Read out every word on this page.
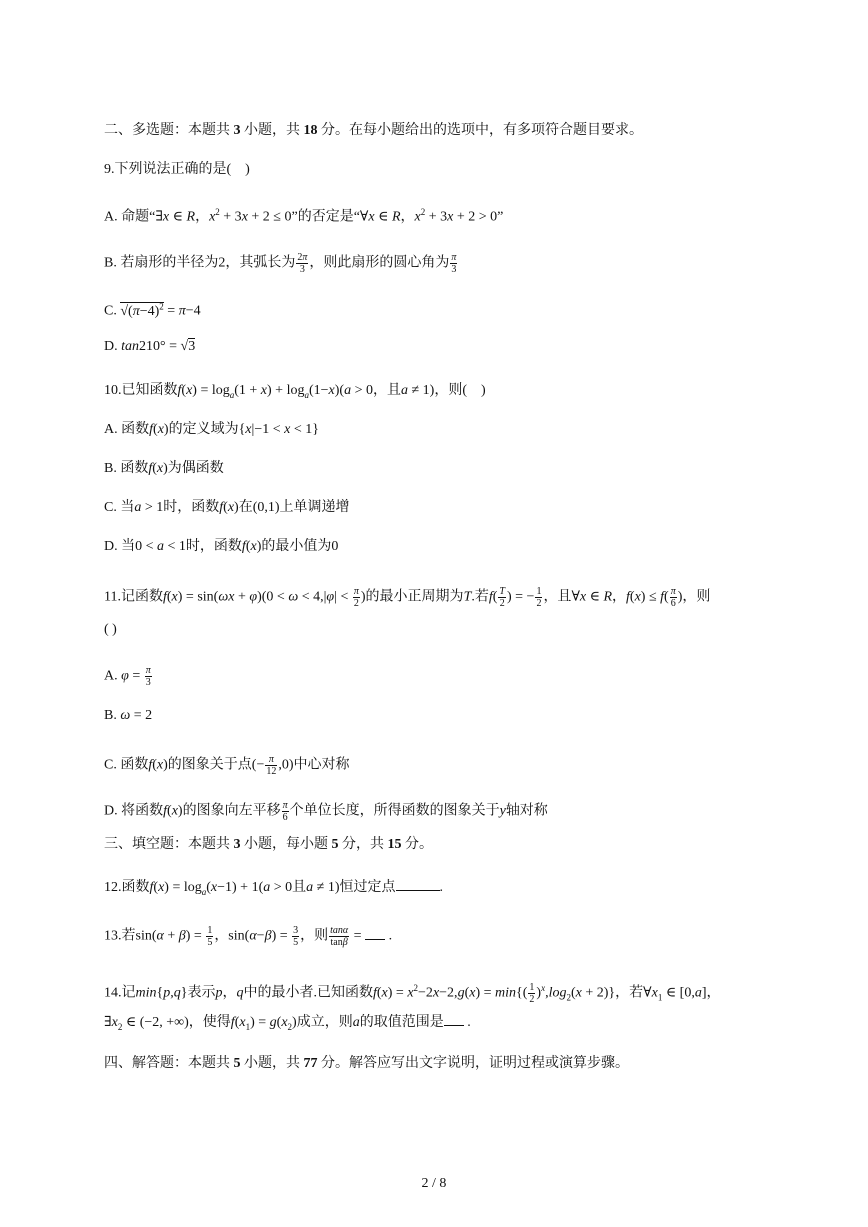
二、多选题：本题共 3 小题，共 18 分。在每小题给出的选项中，有多项符合题目要求。
9.下列说法正确的是(    )
A. 命题“∃x ∈ R，$x^2 + 3x + 2 \le 0$”的否定是“∀x ∈ R，$x^2 + 3x + 2 > 0$”
B. 若扇形的半径为2，其弧长为 $\frac{2\pi}{3}$ ，则此扇形的圆心角为 $\frac{\pi}{3}$
C. $√(\pi-4)^2 = \pi-4$
D. tan210° = √3
10.已知函数$f(x) = \log_a(1 + x) + \log_a(1-x)(a > 0$，且a ≠ 1)，则(    )
A. 函数f(x)的定义域为{x|−1 < x < 1}
B. 函数f(x)为偶函数
C. 当a > 1时，函数f(x)在(0,1)上单调递增
D. 当0 < a < 1时，函数f(x)的最小值为0
11.记函数$f(x) = \sin(\omega x + \varphi)(0 < \omega < 4,|\varphi| < \frac{\pi}{2}$ )的最小正周期为T.若$f( \frac{T}{2}$ ) = − $\frac{1}{2}$ ，且∀x ∈ R，$f(x) \le f( \frac{\pi}{6}$ )，则
( )
A. $\varphi = \frac{\pi}{3}$
B. ω = 2
C. 函数f(x)的图象关于点(− $\frac{\pi}{12} ,0$)中心对称
D. 将函数f(x)的图象向左平移 $\frac{\pi}{6}$ 个单位长度，所得函数的图象关于y轴对称
三、填空题：本题共 3 小题，每小题 5 分，共 15 分。
12.函数$f(x) = \log_a(x-1) + 1(a > 0$且a ≠ 1)恒过定点	.
13.若$\sin(\alpha + \beta) = \frac{1}{5}$ ，$\sin(\alpha-\beta) = \frac{3}{5}$ ，则 $\frac{\tan\alpha}{\tan\beta}$ =  .
14.记min{p,q}表示p，q中的最小者.已知函数$f(x) = x^2-2x-2,g(x) = \min\{( \frac{1}{2} )^x,\log_2(x + 2)\}$，若$\forall x_1$ ∈ [0,a]，
$\exists x_2$ ∈ (−2, +∞)，使得$f(x_1) = g(x_2)$成立，则a的取值范围是 .
四、解答题：本题共 5 小题，共 77 分。解答应写出文字说明，证明过程或演算步骤。
2 / 8
